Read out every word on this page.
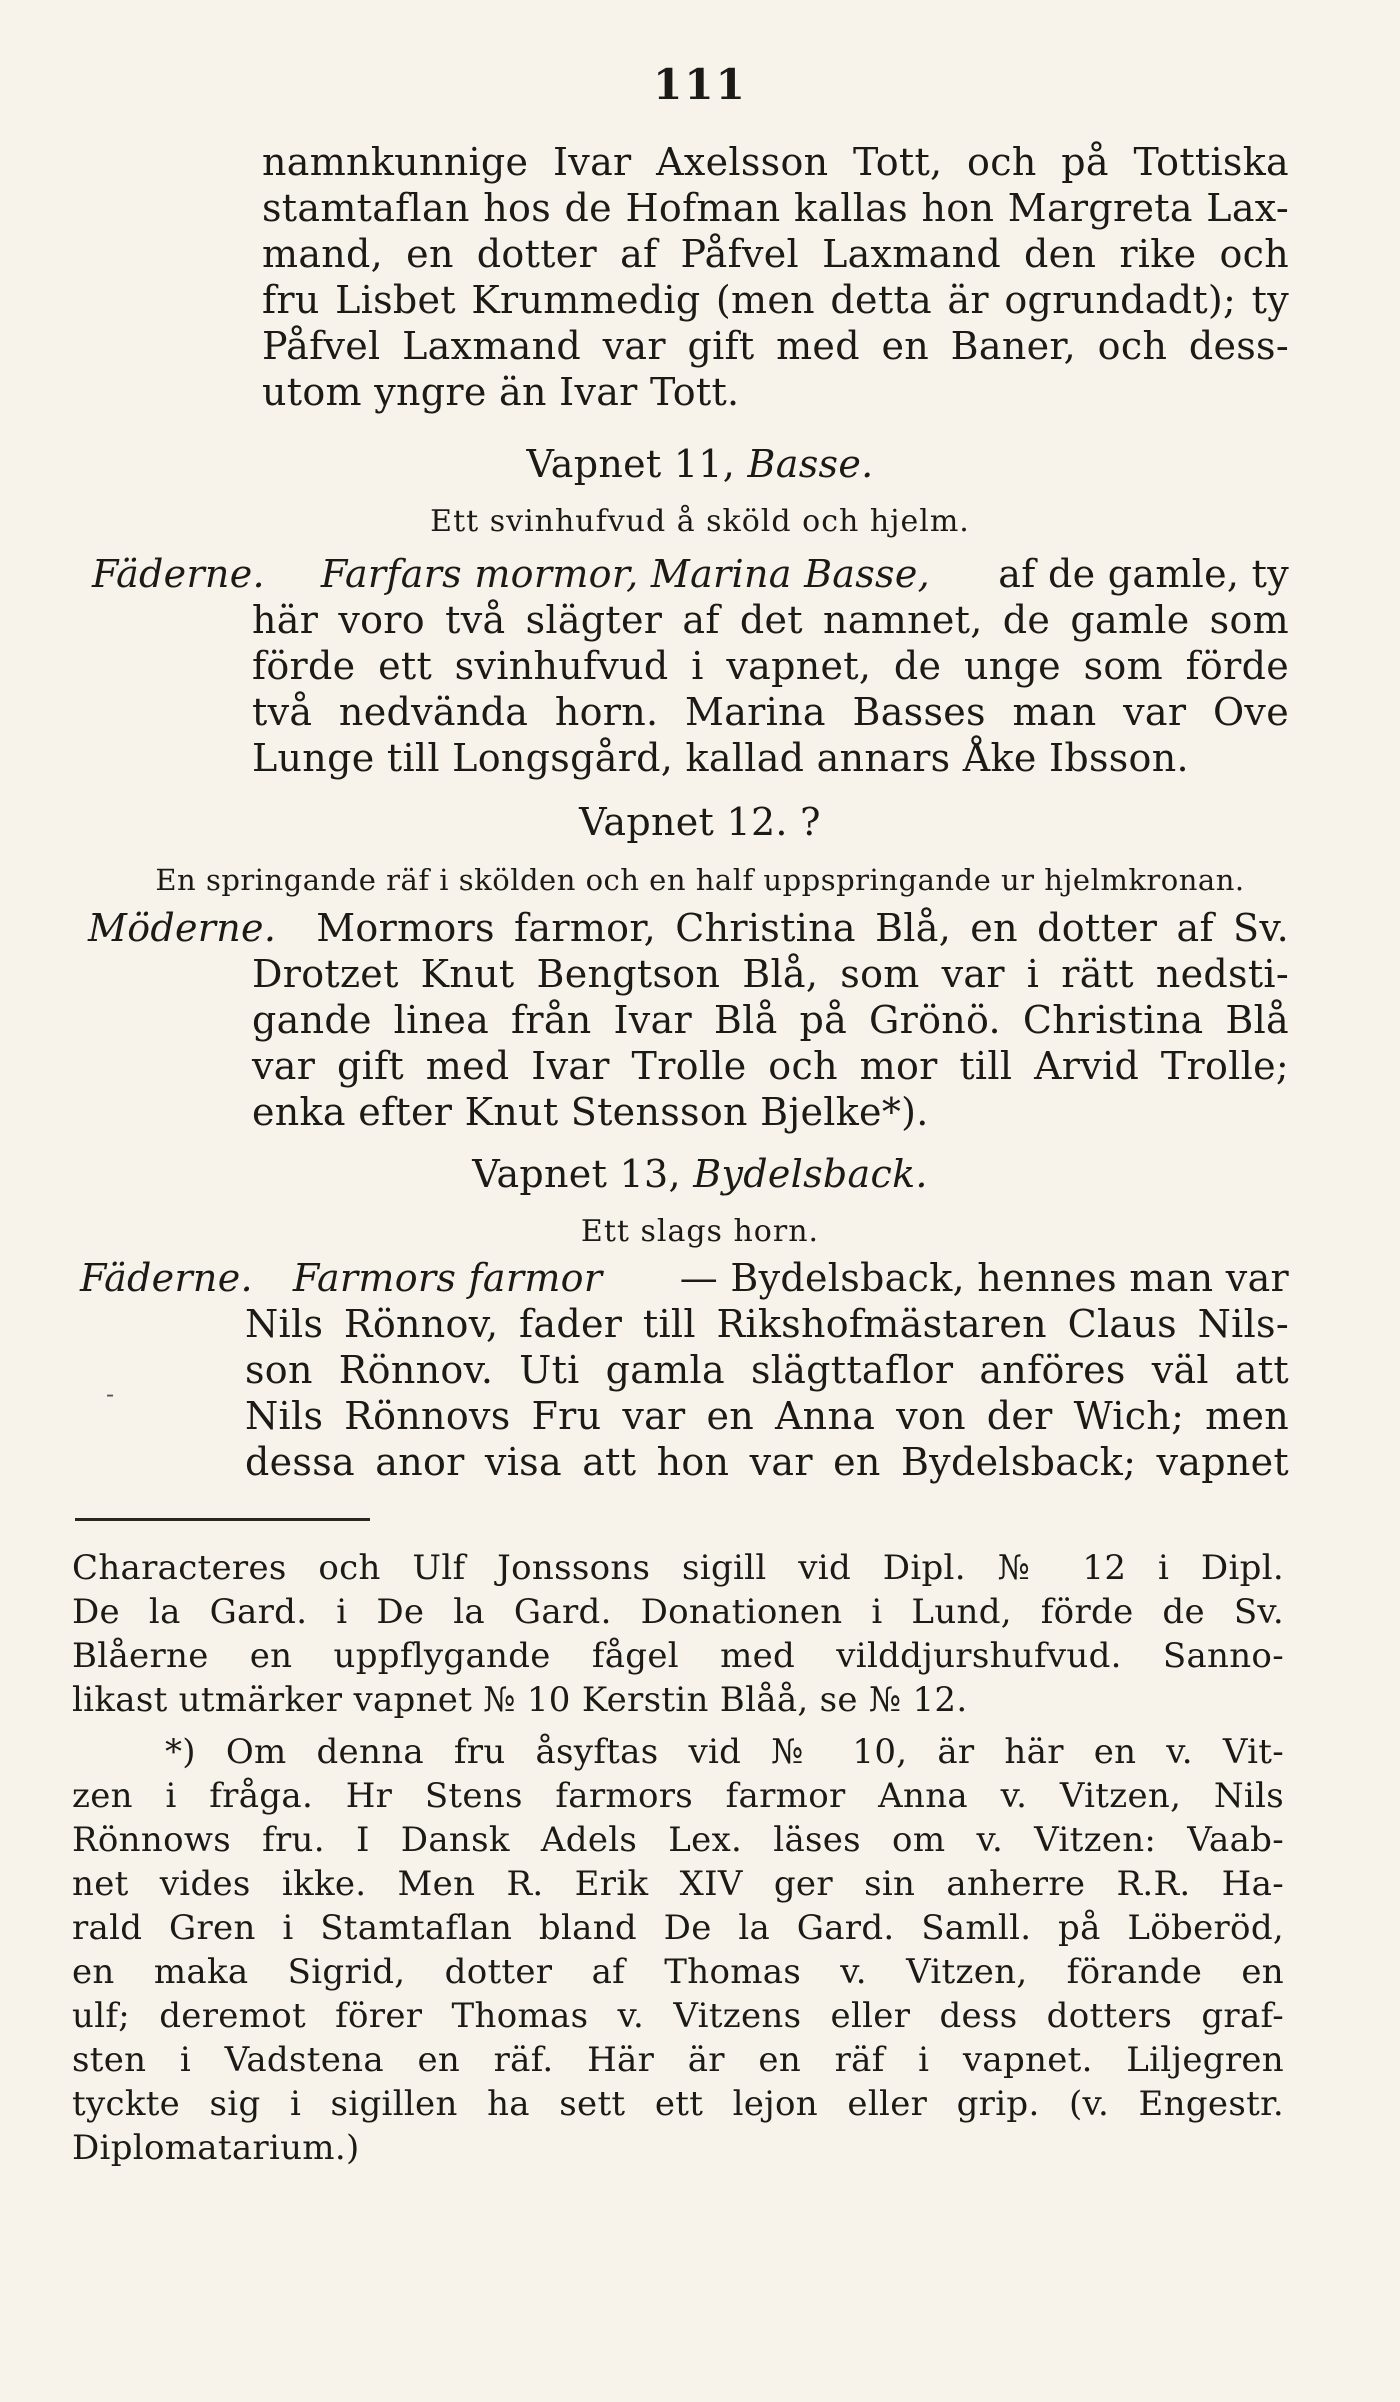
111
namnkunnige Ivar Axelsson Tott, och på Tottiska
stamtaflan hos de Hofman kallas hon Margreta Lax-
mand, en dotter af Påfvel Laxmand den rike och
fru Lisbet Krummedig (men detta är ogrundadt); ty
Påfvel Laxmand var gift med en Baner, och dess-
utom yngre än Ivar Tott.
Vapnet 11, Basse.
Ett svinhufvud å sköld och hjelm.
Fäderne. Farfars mormor, Marina Basse, af de gamle, ty
här voro två slägter af det namnet, de gamle som
förde ett svinhufvud i vapnet, de unge som förde
två nedvända horn. Marina Basses man var Ove
Lunge till Longsgård, kallad annars Åke Ibsson.
Vapnet 12. ?
En springande räf i skölden och en half uppspringande ur hjelmkronan.
Möderne. Mormors farmor, Christina Blå, en dotter af Sv.
Drotzet Knut Bengtson Blå, som var i rätt nedsti-
gande linea från Ivar Blå på Grönö. Christina Blå
var gift med Ivar Trolle och mor till Arvid Trolle;
enka efter Knut Stensson Bjelke*).
Vapnet 13, Bydelsback.
Ett slags horn.
Fäderne. Farmors farmor — Bydelsback, hennes man var
Nils Rönnov, fader till Rikshofmästaren Claus Nils-
son Rönnov. Uti gamla slägttaflor anföres väl att
Nils Rönnovs Fru var en Anna von der Wich; men
dessa anor visa att hon var en Bydelsback; vapnet
-
Characteres och Ulf Jonssons sigill vid Dipl. № 12 i Dipl.
De la Gard. i De la Gard. Donationen i Lund, förde de Sv.
Blåerne en uppflygande fågel med vilddjurshufvud. Sanno-
likast utmärker vapnet № 10 Kerstin Blåå, se № 12.
*) Om denna fru åsyftas vid № 10, är här en v. Vit-
zen i fråga. Hr Stens farmors farmor Anna v. Vitzen, Nils
Rönnows fru. I Dansk Adels Lex. läses om v. Vitzen: Vaab-
net vides ikke. Men R. Erik XIV ger sin anherre R.R. Ha-
rald Gren i Stamtaflan bland De la Gard. Samll. på Löberöd,
en maka Sigrid, dotter af Thomas v. Vitzen, förande en
ulf; deremot förer Thomas v. Vitzens eller dess dotters graf-
sten i Vadstena en räf. Här är en räf i vapnet. Liljegren
tyckte sig i sigillen ha sett ett lejon eller grip. (v. Engestr.
Diplomatarium.)
